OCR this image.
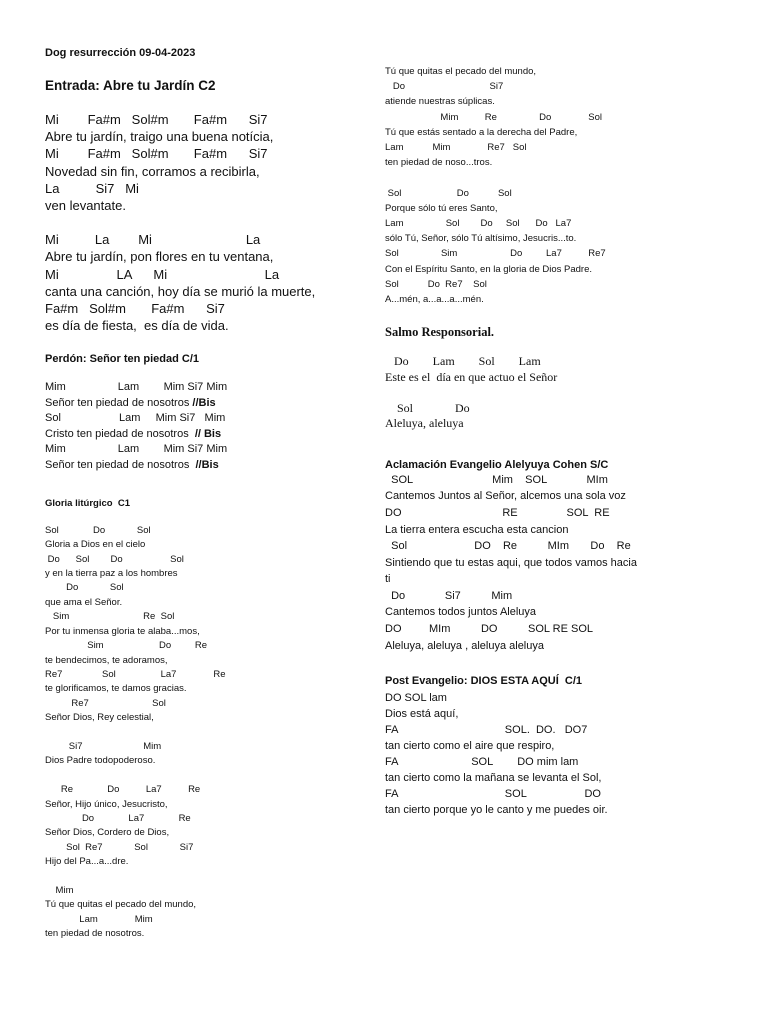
Dog resurrección 09-04-2023
Entrada: Abre tu Jardín C2
Mi        Fa#m   Sol#m       Fa#m      Si7
Abre tu jardín, traigo una buena notícia,
Mi        Fa#m   Sol#m       Fa#m      Si7
Novedad sin fin, corramos a recibirla,
La          Si7   Mi
ven levantate.
Mi          La        Mi                          La
Abre tu jardín, pon flores en tu ventana,
Mi                LA      Mi                           La
canta una canción, hoy día se murió la muerte,
Fa#m   Sol#m       Fa#m      Si7
es día de fiesta,  es día de vida.
Perdón: Señor ten piedad C/1
Mim                 Lam        Mim Si7 Mim
Señor ten piedad de nosotros //Bis
Sol                   Lam     Mim Si7   Mim
Cristo ten piedad de nosotros  // Bis
Mim                 Lam        Mim Si7 Mim
Señor ten piedad de nosotros  //Bis
Gloria litúrgico  C1
Sol             Do            Sol
Gloria a Dios en el cielo
Do      Sol        Do                  Sol
y en la tierra paz a los hombres
Do            Sol
que ama el Señor.
Sim                            Re  Sol
Por tu inmensa gloria te alaba...mos,
Sim                     Do         Re
te bendecimos, te adoramos,
Re7               Sol                 La7              Re
te glorificamos, te damos gracias.
Re7                        Sol
Señor Dios, Rey celestial,
Si7                       Mim
Dios Padre todopoderoso.
Re             Do          La7          Re
Señor, Hijo único, Jesucristo,
Do             La7             Re
Señor Dios, Cordero de Dios,
Sol  Re7            Sol            Si7
Hijo del Pa...a...dre.
Mim
Tú que quitas el pecado del mundo,
Lam              Mim
ten piedad de nosotros.
Tú que quitas el pecado del mundo,
Do                                Si7
atiende nuestras súplicas.
Mim          Re                Do              Sol
Tú que estás sentado a la derecha del Padre,
Lam           Mim              Re7   Sol
ten piedad de noso...tros.
Sol                     Do           Sol
Porque sólo tú eres Santo,
Lam                Sol        Do     Sol      Do   La7
sólo Tú, Señor, sólo Tú altísimo, Jesucris...to.
Sol                Sim                    Do         La7          Re7
Con el Espíritu Santo, en la gloria de Dios Padre.
Sol           Do  Re7    Sol
A...mén, a...a...a...mén.
Salmo Responsorial.
Do        Lam        Sol        Lam
Este es el  día en que actuo el Señor
Sol              Do
Aleluya, aleluya
Aclamación Evangelio Alelyuya Cohen S/C
SOL                          Mim    SOL             MIm
Cantemos Juntos al Señor, alcemos una sola voz
DO                                 RE                SOL  RE
La tierra entera escucha esta cancion
Sol                      DO    Re          MIm       Do    Re
Sintiendo que tu estas aqui, que todos vamos hacia
ti
Do             Si7          Mim
Cantemos todos juntos Aleluya
DO         MIm          DO          SOL RE SOL
Aleluya, aleluya , aleluya aleluya
Post Evangelio: DIOS ESTA AQUÍ  C/1
DO SOL lam
Dios está aquí,
FA                                   SOL.  DO.   DO7
tan cierto como el aire que respiro,
FA                        SOL        DO mim lam
tan cierto como la mañana se levanta el Sol,
FA                                   SOL                   DO
tan cierto porque yo le canto y me puedes oir.
